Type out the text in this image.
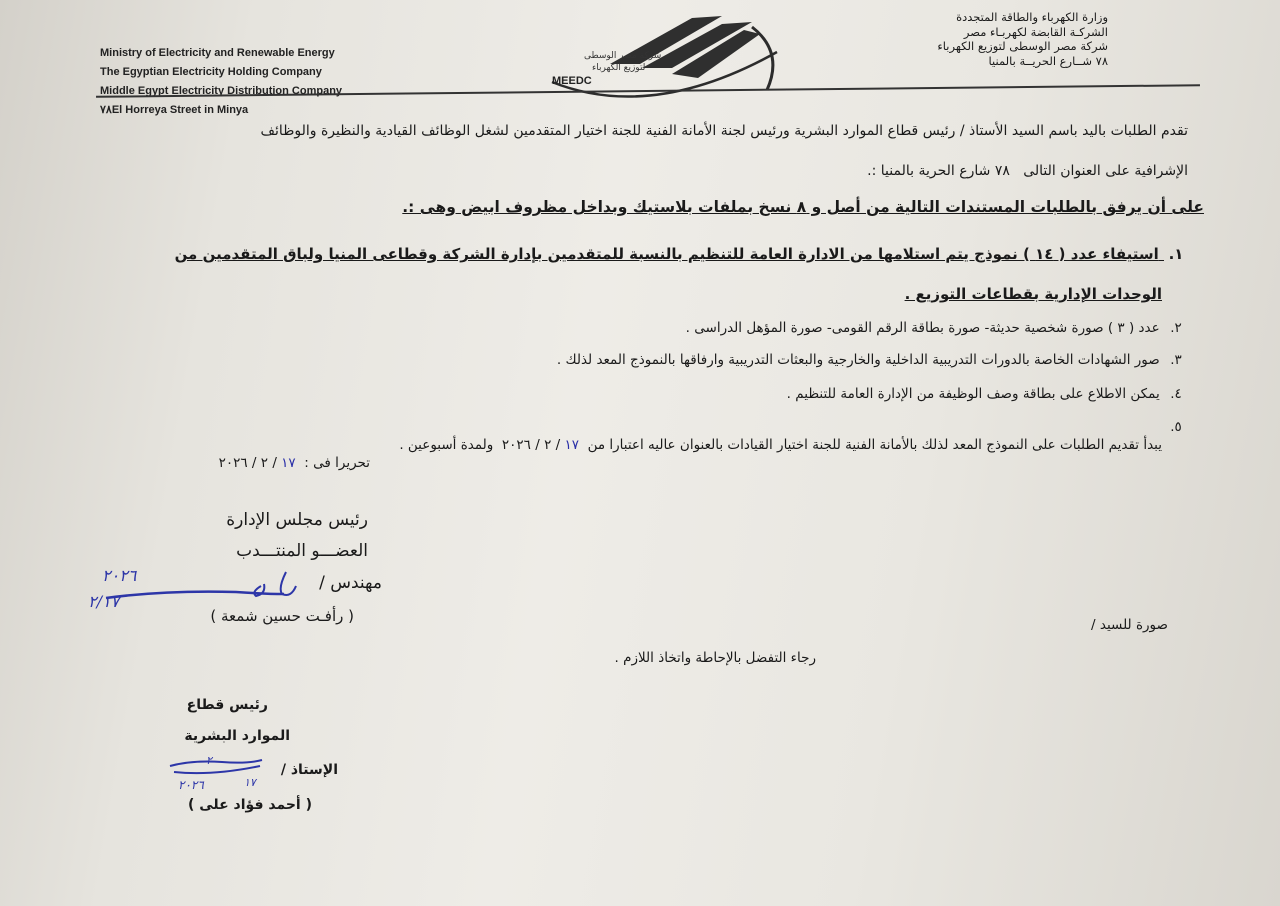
Ministry of Electricity and Renewable Energy
The Egyptian Electricity Holding Company
Middle Egypt Electricity Distribution Company
٧٨El Horreya Street in Minya
شركة مصر الوسطى
لتوزيع الكهرباء
MEEDC
وزارة الكهرباء والطاقة المتجددة
الشركـة القابضة لكهربـاء مصر
شركة مصر الوسطى لتوزيع الكهرباء
٧٨ شــارع الحريــة بالمنيا
تقدم الطلبات باليد باسم السيد الأستاذ / رئيس قطاع الموارد البشرية ورئيس لجنة الأمانة الفنية للجنة اختيار المتقدمين لشغل الوظائف القيادية والنظيرة والوظائف
الإشرافية على العنوان التالى   ٧٨ شارع الحرية بالمنيا :.
على أن يرفق بالطلبات المستندات التالية من أصل و ٨ نسخ بملفات بلاستيك وبداخل مظروف ابيض وهى :.
١. استيفاء عدد ( ١٤ ) نموذج يتم استلامها من الادارة العامة للتنظيم بالنسبة للمتقدمين بإدارة الشركة وقطاعى المنيا ولباق المتقدمين من
الوحدات الإدارية بقطاعات التوزيع .
٢. عدد ( ٣ ) صورة شخصية حديثة- صورة بطاقة الرقم القومى- صورة المؤهل الدراسى .
٣. صور الشهادات الخاصة بالدورات التدريبية الداخلية والخارجية والبعثات التدريبية وارفاقها بالنموذج المعد لذلك .
٤. يمكن الاطلاع على بطاقة وصف الوظيفة من الإدارة العامة للتنظيم .
٥.
يبدأ تقديم الطلبات على النموذج المعد لذلك بالأمانة الفنية للجنة اختيار القيادات بالعنوان عاليه اعتبارا من  ١٧ / ٢ / ٢٠٢٦  ولمدة أسبوعين .
تحريرا فى :  ١٧ / ٢ / ٢٠٢٦
رئيس مجلس الإدارة
العضـــو المنتـــدب
مهندس /
٢٠٢٦
٢/١٧
( رأفـت حسين شمعة )	صورة للسيد /
رجاء التفضل بالإحاطة واتخاذ اللازم .
رئيس قطاع
الموارد البشرية
الإستاذ /
٢
١٧
٢٠٢٦
( أحمد فؤاد على )
